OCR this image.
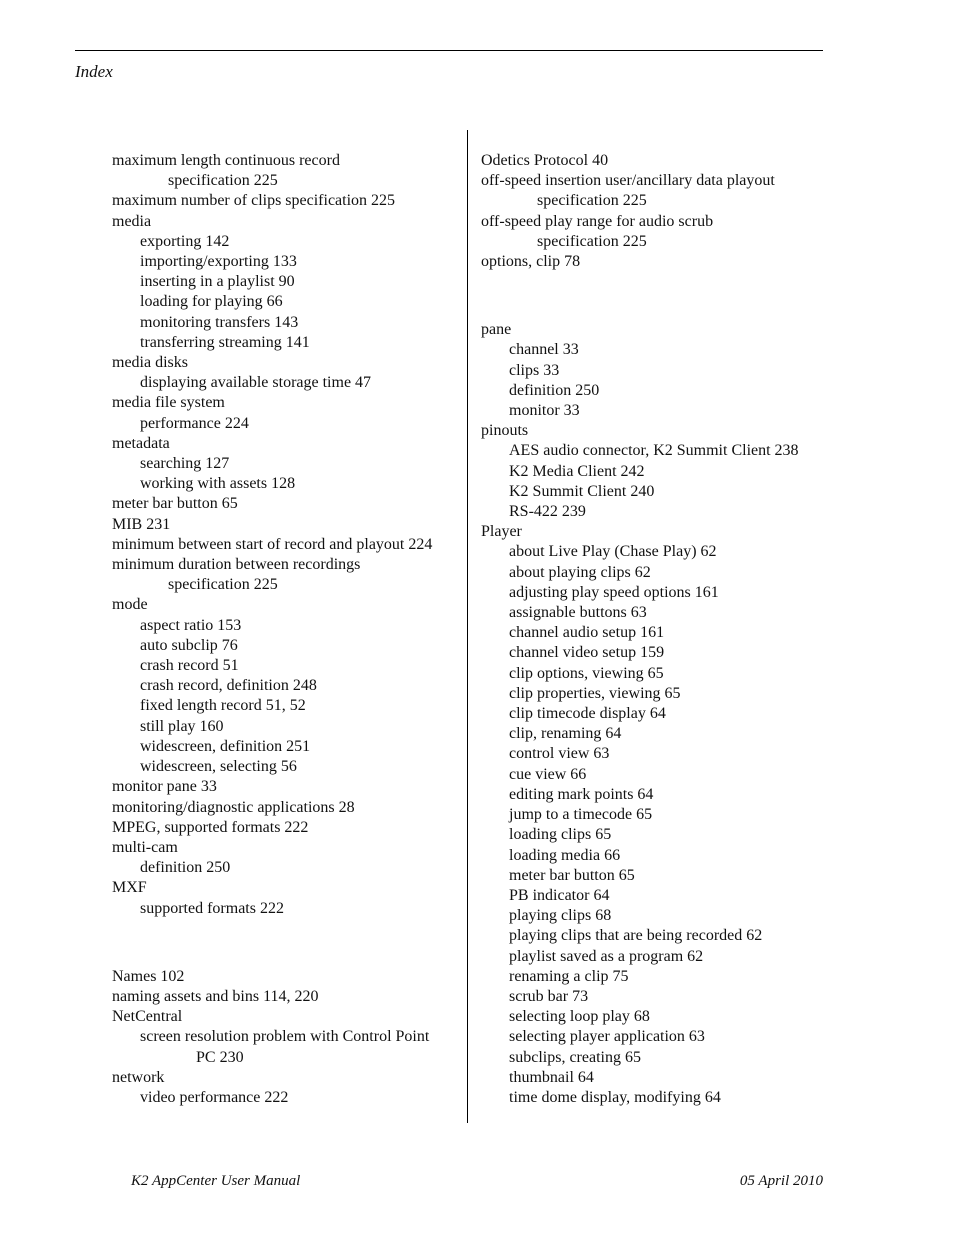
Index
maximum length continuous record
specification 225
maximum number of clips specification 225
media
exporting 142
importing/exporting 133
inserting in a playlist 90
loading for playing 66
monitoring transfers 143
transferring streaming 141
media disks
displaying available storage time 47
media file system
performance 224
metadata
searching 127
working with assets 128
meter bar button 65
MIB 231
minimum between start of record and playout 224
minimum duration between recordings
specification 225
mode
aspect ratio 153
auto subclip 76
crash record 51
crash record, definition 248
fixed length record 51, 52
still play 160
widescreen, definition 251
widescreen, selecting 56
monitor pane 33
monitoring/diagnostic applications 28
MPEG, supported formats 222
multi-cam
definition 250
MXF
supported formats 222
Names 102
naming assets and bins 114, 220
NetCentral
screen resolution problem with Control Point
PC 230
network
video performance 222
Odetics Protocol 40
off-speed insertion user/ancillary data playout
specification 225
off-speed play range for audio scrub
specification 225
options, clip 78
pane
channel 33
clips 33
definition 250
monitor 33
pinouts
AES audio connector, K2 Summit Client 238
K2 Media Client 242
K2 Summit Client 240
RS-422 239
Player
about Live Play (Chase Play) 62
about playing clips 62
adjusting play speed options 161
assignable buttons 63
channel audio setup 161
channel video setup 159
clip options, viewing 65
clip properties, viewing 65
clip timecode display 64
clip, renaming 64
control view 63
cue view 66
editing mark points 64
jump to a timecode 65
loading clips 65
loading media 66
meter bar button 65
PB indicator 64
playing clips 68
playing clips that are being recorded 62
playlist saved as a program 62
renaming a clip 75
scrub bar 73
selecting loop play 68
selecting player application 63
subclips, creating 65
thumbnail 64
time dome display, modifying 64
K2 AppCenter User Manual	05 April 2010
